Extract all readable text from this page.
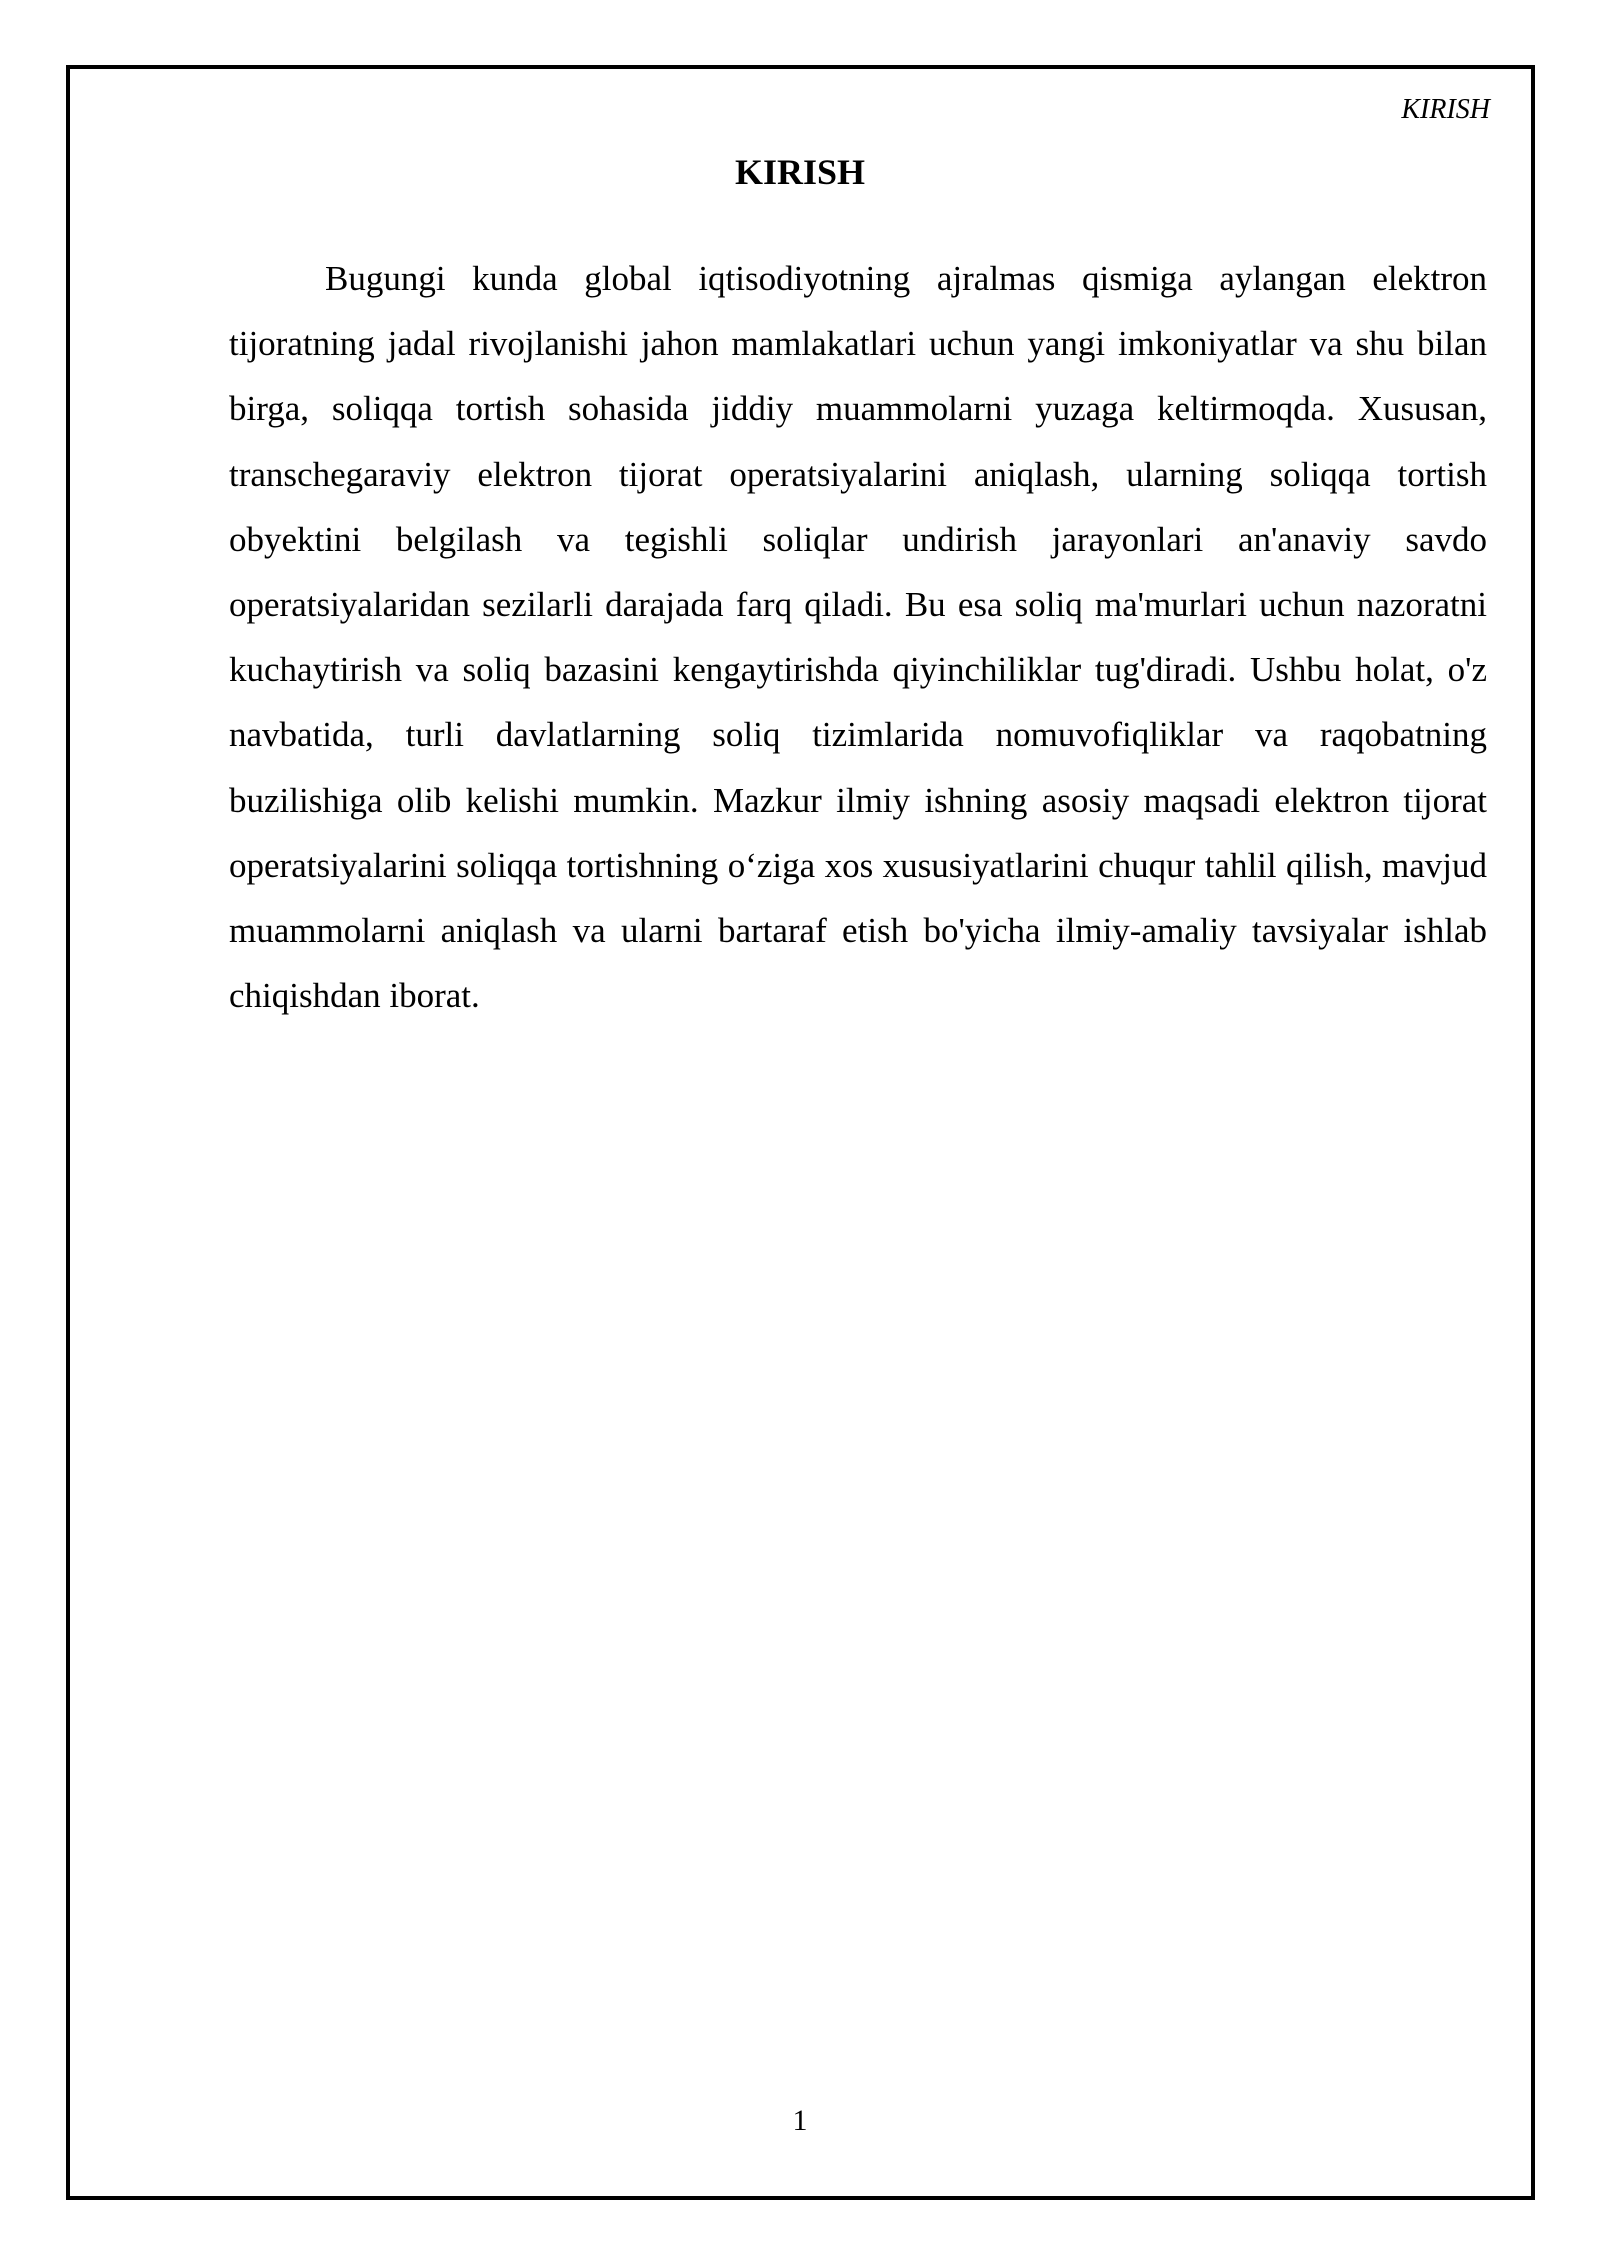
KIRISH
KIRISH

Bugungi kunda global iqtisodiyotning ajralmas qismiga aylangan elektron tijoratning jadal rivojlanishi jahon mamlakatlari uchun yangi imkoniyatlar va shu bilan birga, soliqqa tortish sohasida jiddiy muammolarni yuzaga keltirmoqda. Xususan, transchegaraviy elektron tijorat operatsiyalarini aniqlash, ularning soliqqa tortish obyektini belgilash va tegishli soliqlar undirish jarayonlari an'anaviy savdo operatsiyalaridan sezilarli darajada farq qiladi. Bu esa soliq ma'murlari uchun nazoratni kuchaytirish va soliq bazasini kengaytirishda qiyinchiliklar tug'diradi. Ushbu holat, o'z navbatida, turli davlatlarning soliq tizimlarida nomuvofiqliklar va raqobatning buzilishiga olib kelishi mumkin. Mazkur ilmiy ishning asosiy maqsadi elektron tijorat operatsiyalarini soliqqa tortishning o‘ziga xos xususiyatlarini chuqur tahlil qilish, mavjud muammolarni aniqlash va ularni bartaraf etish bo'yicha ilmiy-amaliy tavsiyalar ishlab chiqishdan iborat.

1
